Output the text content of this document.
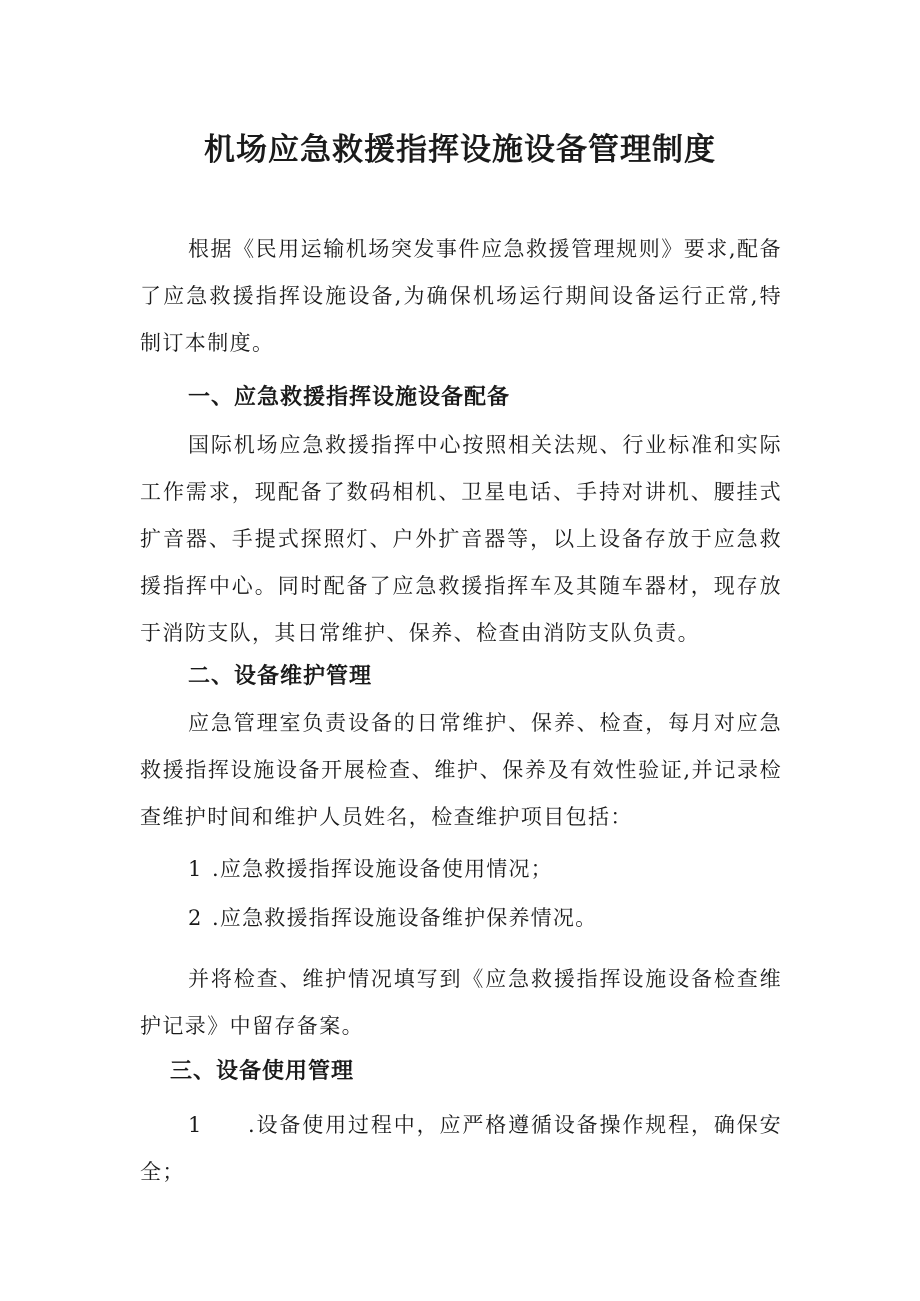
机场应急救援指挥设施设备管理制度

根据《民用运输机场突发事件应急救援管理规则》要求,配备了应急救援指挥设施设备,为确保机场运行期间设备运行正常,特制订本制度。

一、应急救援指挥设施设备配备

国际机场应急救援指挥中心按照相关法规、行业标准和实际工作需求，现配备了数码相机、卫星电话、手持对讲机、腰挂式扩音器、手提式探照灯、户外扩音器等，以上设备存放于应急救援指挥中心。同时配备了应急救援指挥车及其随车器材，现存放于消防支队，其日常维护、保养、检查由消防支队负责。

二、设备维护管理

应急管理室负责设备的日常维护、保养、检查，每月对应急救援指挥设施设备开展检查、维护、保养及有效性验证,并记录检查维护时间和维护人员姓名，检查维护项目包括：

1 .应急救援指挥设施设备使用情况；
2 .应急救援指挥设施设备维护保养情况。

并将检查、维护情况填写到《应急救援指挥设施设备检查维护记录》中留存备案。

三、设备使用管理

1 .设备使用过程中，应严格遵循设备操作规程，确保安全；
